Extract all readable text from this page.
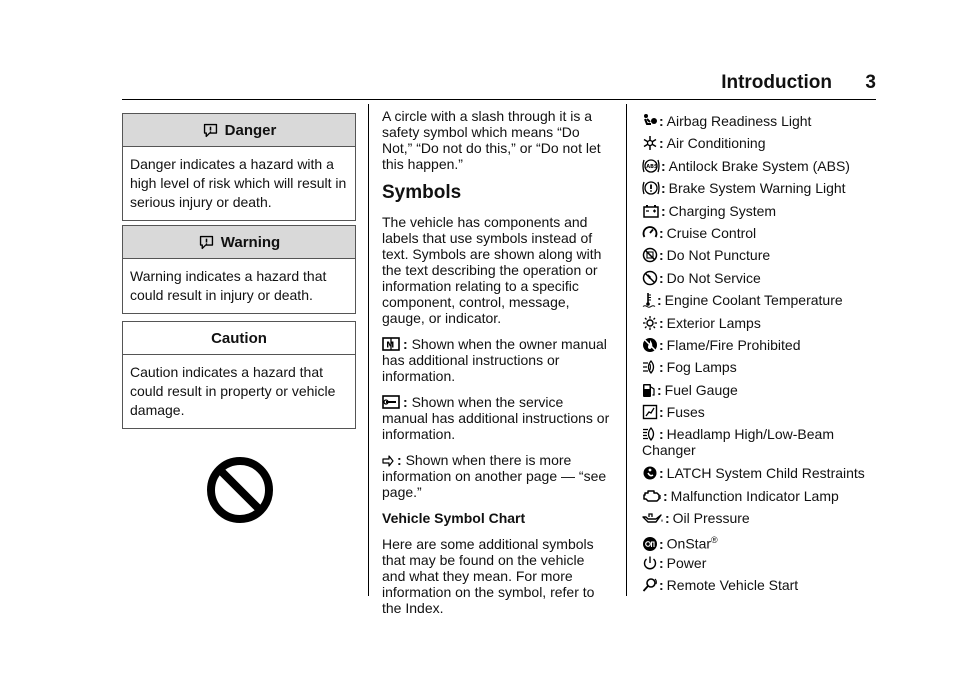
Introduction 3
Danger
Danger indicates a hazard with a high level of risk which will result in serious injury or death.
Warning
Warning indicates a hazard that could result in injury or death.
Caution
Caution indicates a hazard that could result in property or vehicle damage.

A circle with a slash through it is a safety symbol which means “Do Not,” “Do not do this,” or “Do not let this happen.”

Symbols

The vehicle has components and labels that use symbols instead of text. Symbols are shown along with the text describing the operation or information relating to a specific component, control, message, gauge, or indicator.

M : Shown when the owner manual has additional instructions or information.

: Shown when the service manual has additional instructions or information.

: Shown when there is more information on another page — “see page.”

Vehicle Symbol Chart

Here are some additional symbols that may be found on the vehicle and what they mean. For more information on the symbol, refer to the Index.

: Airbag Readiness Light
: Air Conditioning
ABS : Antilock Brake System (ABS)
: Brake System Warning Light
: Charging System
: Cruise Control
: Do Not Puncture
: Do Not Service
: Engine Coolant Temperature
: Exterior Lamps
: Flame/Fire Prohibited
: Fog Lamps
: Fuel Gauge
: Fuses
: Headlamp High/Low-Beam Changer
: LATCH System Child Restraints
: Malfunction Indicator Lamp
: Oil Pressure
: OnStar®
: Power
: Remote Vehicle Start
